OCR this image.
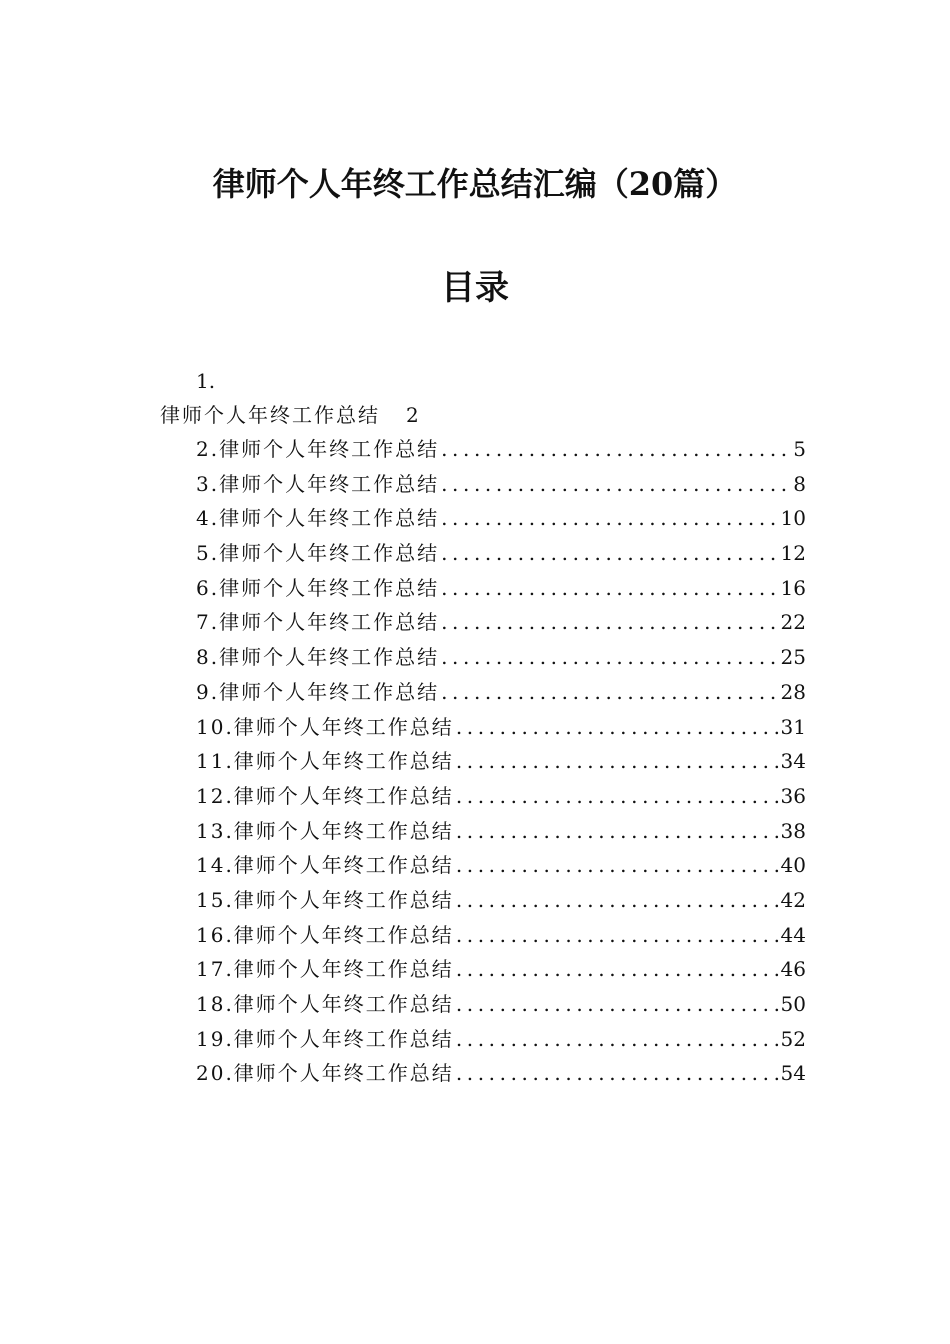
律师个人年终工作总结汇编（20篇）
目录
1.
律师个人年终工作总结 2
2.律师个人年终工作总结 .....	5
3.律师个人年终工作总结 .....	8
4.律师个人年终工作总结 .....	10
5.律师个人年终工作总结 .....	12
6.律师个人年终工作总结 .....	16
7.律师个人年终工作总结 .....	22
8.律师个人年终工作总结 .....	25
9.律师个人年终工作总结 .....	28
10.律师个人年终工作总结 .....	31
11.律师个人年终工作总结 .....	34
12.律师个人年终工作总结 .....	36
13.律师个人年终工作总结 .....	38
14.律师个人年终工作总结 .....	40
15.律师个人年终工作总结 .....	42
16.律师个人年终工作总结 .....	44
17.律师个人年终工作总结 .....	46
18.律师个人年终工作总结 .....	50
19.律师个人年终工作总结 .....	52
20.律师个人年终工作总结 .....	54
